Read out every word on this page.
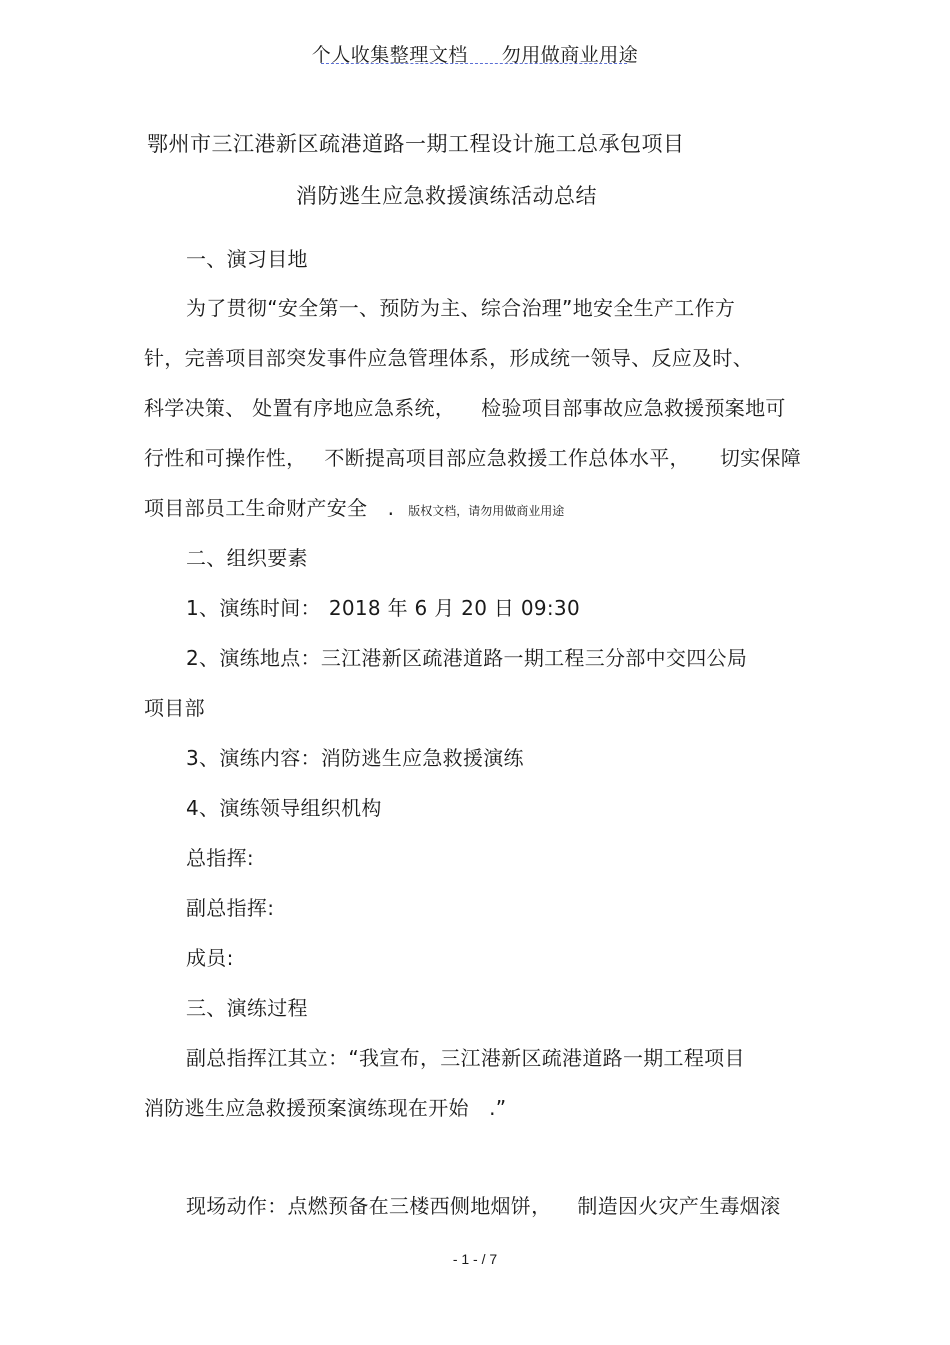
个人收集整理文档 勿用做商业用途
鄂州市三江港新区疏港道路一期工程设计施工总承包项目
消防逃生应急救援演练活动总结
一、演习目地
为了贯彻“安全第一、预防为主、综合治理”地安全生产工作方
针，完善项目部突发事件应急管理体系，形成统一领导、反应及时、
科学决策、 处置有序地应急系统， 检验项目部事故应急救援预案地可
行性和可操作性， 不断提高项目部应急救援工作总体水平， 切实保障
项目部员工生命财产安全　. 版权文档，请勿用做商业用途
二、组织要素
1、演练时间： 2018 年 6 月 20 日 09:30
2、演练地点：三江港新区疏港道路一期工程三分部中交四公局
项目部
3、演练内容：消防逃生应急救援演练
4、演练领导组织机构
总指挥:
副总指挥:
成员:
三、演练过程
副总指挥江其立：“我宣布，三江港新区疏港道路一期工程项目
消防逃生应急救援预案演练现在开始　.”
现场动作：点燃预备在三楼西侧地烟饼， 制造因火灾产生毒烟滚
- 1 - / 7
